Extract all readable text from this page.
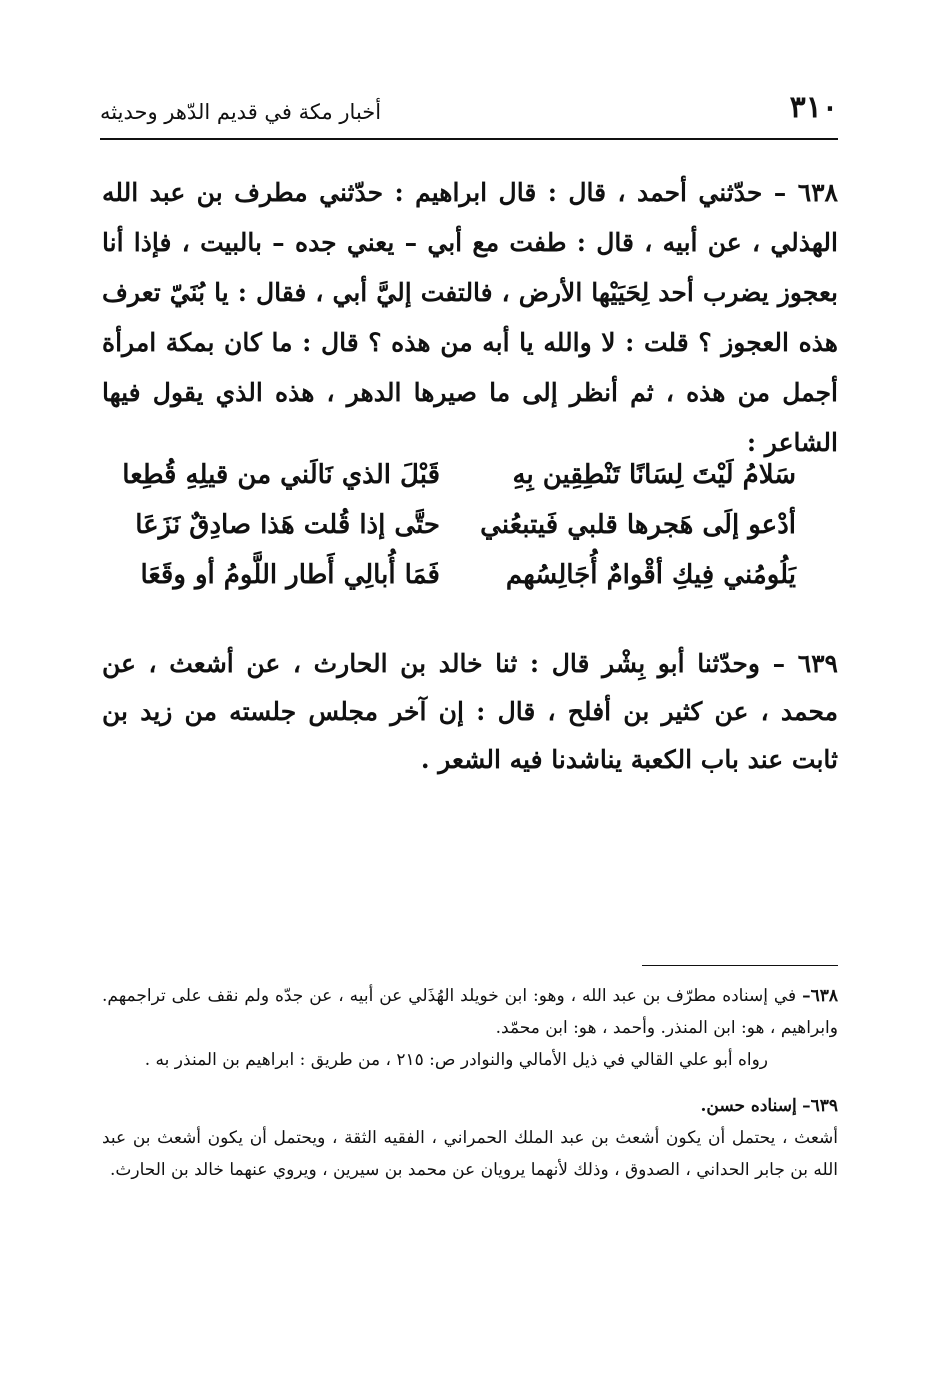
٣١٠
أخبار مكة في قديم الدّهر وحديثه

٦٣٨ – حدّثني أحمد ، قال : قال ابراهيم : حدّثني مطرف بن عبد الله الهذلي ، عن أبيه ، قال : طفت مع أبي – يعني جده – بالبيت ، فإذا أنا بعجوز يضرب أحد لِحَيَيْها الأرض ، فالتفت إليَّ أبي ، فقال : يا بُنَيّ تعرف هذه العجوز ؟ قلت : لا والله يا أبه من هذه ؟ قال : ما كان بمكة امرأة أجمل من هذه ، ثم أنظر إلى ما صيرها الدهر ، هذه الذي يقول فيها الشاعر :

سَلامُ لَيْتَ لِسَانًا تَنْطِقِين بِهِ
قَبْلَ الذي نَالَني من قيلِهِ قُطِعا
أدْعو إلَى هَجرها قلبي فَيتبعُني
حتَّى إذا قُلت هَذا صادِقٌ نَزَعَا
يَلُومُني فِيكِ أقْوامٌ أُجَالِسُهم
فَمَا أُبالِي أَطار اللَّومُ أو وقَعَا

٦٣٩ – وحدّثنا أبو بِشْر قال : ثنا خالد بن الحارث ، عن أشعث ، عن محمد ، عن كثير بن أفلح ، قال : إن آخر مجلس جلسته من زيد بن ثابت عند باب الكعبة يناشدنا فيه الشعر .

٦٣٨– في إسناده مطرّف بن عبد الله ، وهو: ابن خويلد الهُذَلي عن أبيه ، عن جدّه ولم نقف على تراجمهم. وابراهيم ، هو: ابن المنذر. وأحمد ، هو: ابن محمّد.

رواه أبو علي القالي في ذيل الأمالي والنوادر ص: ٢١٥ ، من طريق : ابراهيم بن المنذر به .

٦٣٩– إسناده حسن.

أشعث ، يحتمل أن يكون أشعث بن عبد الملك الحمراني ، الفقيه الثقة ، ويحتمل أن يكون أشعث بن عبد الله بن جابر الحداني ، الصدوق ، وذلك لأنهما يرويان عن محمد بن سيرين ، ويروي عنهما خالد بن الحارث.
